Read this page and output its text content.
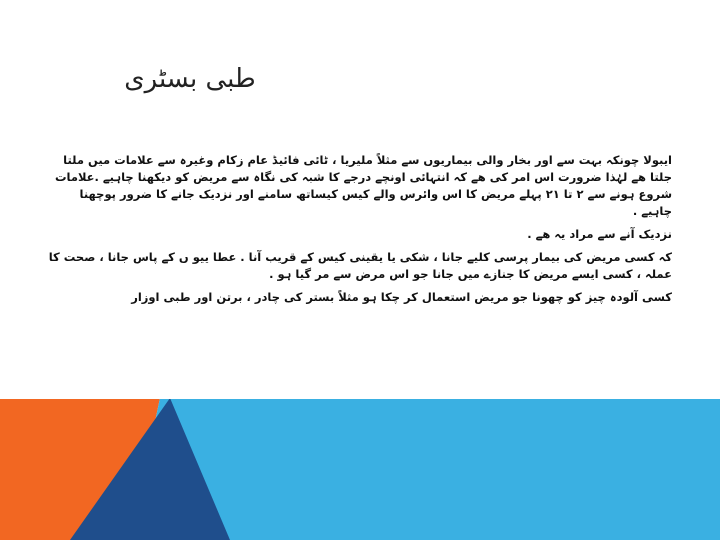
طبی بسٹری

ایبولا چونکہ بہت سے اور بخار والی بیماریوں سے مثلاً ملیریا ، ٹائی فائیڈ عام زکام وغیرہ سے علامات میں ملتا جلتا ھے لہٰذا ضرورت اس امر کی ھے کہ انتہائی اونچے درجے کا شبہ کی نگاہ سے مریض کو دیکھنا چاہیے .علامات شروع ہونے سے ۲ تا ۲۱ پہلے مریض کا اس وائرس والے کیس کیساتھ سامنے اور نزدیک جانے کا ضرور پوچھنا چاہیے .

نزدیک آنے سے مراد یہ ھے .

کہ کسی مریض کی بیمار پرسی کلیے جانا ، شکی یا یقینی کیس کے قریب آنا . عطا ییو ں کے پاس جانا ، صحت کا عملہ ، کسی ایسے مریض کا جنازے میں جانا جو اس مرض سے مر گیا ہو .

کسی آلودہ چیز کو چھونا جو مریض استعمال کر چکا ہو مثلاً بستر کی چادر ، برتن اور طبی اوزار
